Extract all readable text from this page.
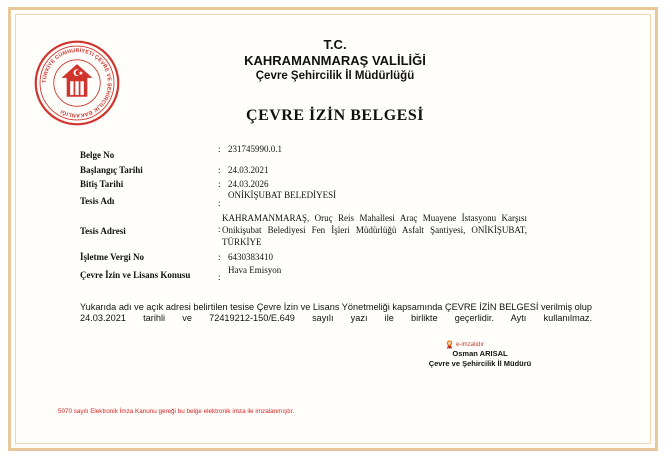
TÜRKİYE CUMHURİYETİ ÇEVRE VE ŞEHİRCİLİK BAKANLIĞI
T.C.
KAHRAMANMARAŞ VALİLİĞİ
Çevre Şehircilik İl Müdürlüğü
ÇEVRE İZİN BELGESİ
Belge No
: 231745990.0.1
Başlangıç Tarihi	: 24.03.2021
Bitiş Tarihi	: 24.03.2026
Tesis Adı	:
ONİKİŞUBAT BELEDİYESİ
Tesis Adresi	:
KAHRAMANMARAŞ, Oruç Reis Mahallesi Araç Muayene İstasyonu Karşısı Onikişubat Belediyesi Fen İşleri Müdürlüğü Asfalt Şantiyesi, ONİKİŞUBAT, TÜRKİYE
İşletme Vergi No	: 6430383410
Çevre İzin ve Lisans Konusu	:
Hava Emisyon
Yukarıda adı ve açık adresi belirtilen tesise Çevre İzin ve Lisans Yönetmeliği kapsamında ÇEVRE İZİN BELGESİ verilmiş olup
24.03.2021 tarihli ve 72419212-150/E.649 sayılı yazı ile birlikte geçerlidir. Aytı kullanılmaz.
e-imzalıdır
Osman ARISAL
Çevre ve Şehircilik İl Müdürü
5070 sayılı Elektronik İmza Kanunu gereği bu belge elektronik imza ile imzalanmıştır.
